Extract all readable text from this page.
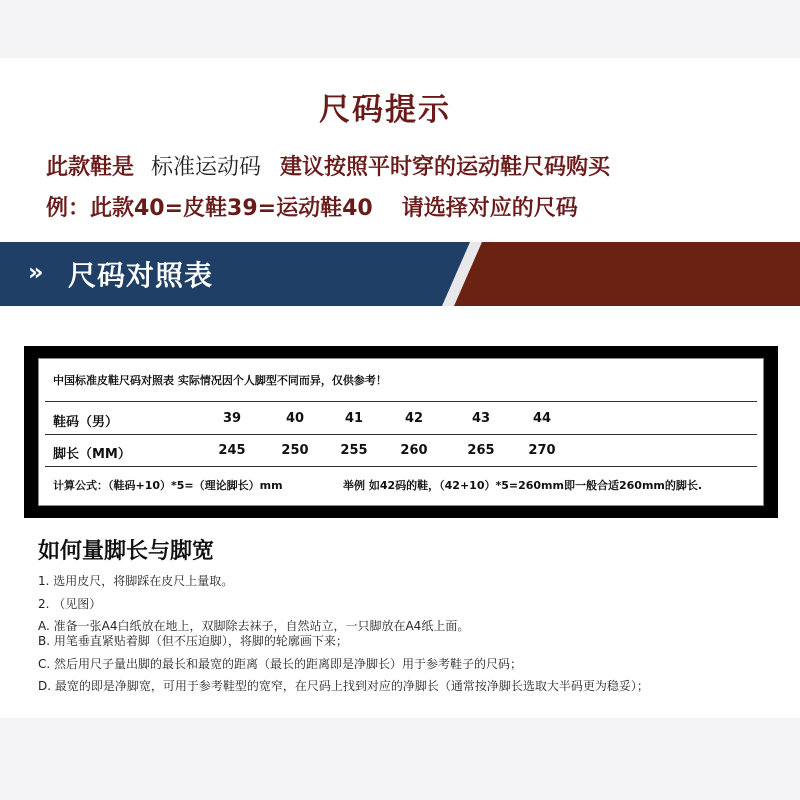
尺码提示
此款鞋是 标准运动码 建议按照平时穿的运动鞋尺码购买
例：此款40=皮鞋39=运动鞋40 请选择对应的尺码
» 尺码对照表
中国标准皮鞋尺码对照表 实际情况因个人脚型不同而异，仅供参考！
鞋码（男）	39	40	41	42	43	44
脚长（MM）	245	250	255	260	265	270
计算公式：（鞋码+10）*5=（理论脚长）mm	举例 如42码的鞋，（42+10）*5=260mm即一般合适260mm的脚长.
如何量脚长与脚宽
1. 选用皮尺，将脚踩在皮尺上量取。
2. （见图）
A. 准备一张A4白纸放在地上，双脚除去袜子，自然站立，一只脚放在A4纸上面。
B. 用笔垂直紧贴着脚（但不压迫脚），将脚的轮廓画下来；
C. 然后用尺子量出脚的最长和最宽的距离（最长的距离即是净脚长）用于参考鞋子的尺码；
D. 最宽的即是净脚宽，可用于参考鞋型的宽窄，在尺码上找到对应的净脚长（通常按净脚长选取大半码更为稳妥）；
